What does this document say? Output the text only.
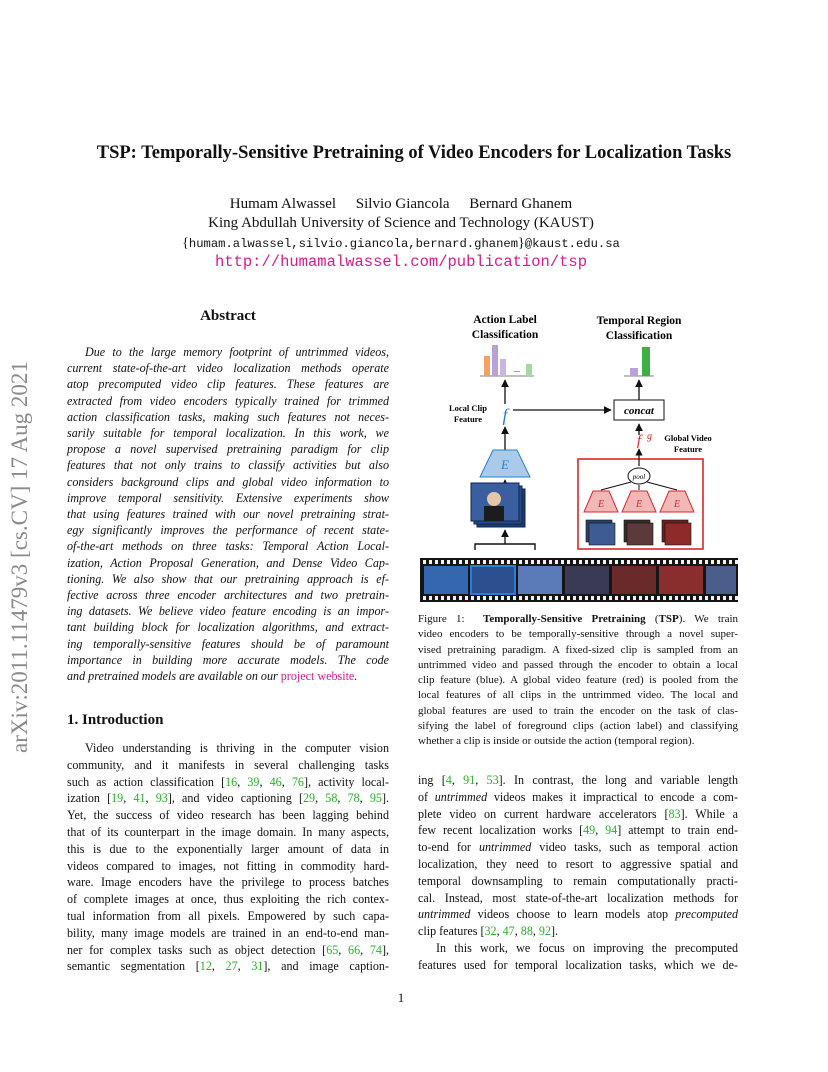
TSP: Temporally-Sensitive Pretraining of Video Encoders for Localization Tasks
Humam Alwassel Silvio Giancola Bernard Ghanem
King Abdullah University of Science and Technology (KAUST)
{humam.alwassel,silvio.giancola,bernard.ghanem}@kaust.edu.sa
http://humamalwassel.com/publication/tsp
arXiv:2011.11479v3 [cs.CV] 17 Aug 2021
Abstract
Due to the large memory footprint of untrimmed videos,
current state-of-the-art video localization methods operate
atop precomputed video clip features. These features are
extracted from video encoders typically trained for trimmed
action classification tasks, making such features not neces-
sarily suitable for temporal localization. In this work, we
propose a novel supervised pretraining paradigm for clip
features that not only trains to classify activities but also
considers background clips and global video information to
improve temporal sensitivity. Extensive experiments show
that using features trained with our novel pretraining strat-
egy significantly improves the performance of recent state-
of-the-art methods on three tasks: Temporal Action Local-
ization, Action Proposal Generation, and Dense Video Cap-
tioning. We also show that our pretraining approach is ef-
fective across three encoder architectures and two pretrain-
ing datasets. We believe video feature encoding is an impor-
tant building block for localization algorithms, and extract-
ing temporally-sensitive features should be of paramount
importance in building more accurate models. The code
and pretrained models are available on our project website.
1. Introduction
Video understanding is thriving in the computer vision
community, and it manifests in several challenging tasks
such as action classification [16, 39, 46, 76], activity local-
ization [19, 41, 93], and video captioning [29, 58, 78, 95].
Yet, the success of video research has been lagging behind
that of its counterpart in the image domain. In many aspects,
this is due to the exponentially larger amount of data in
videos compared to images, not fitting in commodity hard-
ware. Image encoders have the privilege to process batches
of complete images at once, thus exploiting the rich contex-
tual information from all pixels. Empowered by such capa-
bility, many image models are trained in an end-to-end man-
ner for complex tasks such as object detection [65, 66, 74],
semantic segmentation [12, 27, 31], and image caption-
ing [4, 91, 53]. In contrast, the long and variable length
of untrimmed videos makes it impractical to encode a com-
plete video on current hardware accelerators [83]. While a
few recent localization works [49, 94] attempt to train end-
to-end for untrimmed video tasks, such as temporal action
localization, they need to resort to aggressive spatial and
temporal downsampling to remain computationally practi-
cal. Instead, most state-of-the-art localization methods for
untrimmed videos choose to learn models atop precomputed
clip features [32, 47, 88, 92].
In this work, we focus on improving the precomputed
features used for temporal localization tasks, which we de-
Action Label
Classification
Temporal Region
Classification
...
Local Clip
Feature f	concat
E
f g Global Video
Feature
pool
E	E	E
Figure 1: Temporally-Sensitive Pretraining (TSP). We train
video encoders to be temporally-sensitive through a novel super-
vised pretraining paradigm. A fixed-sized clip is sampled from an
untrimmed video and passed through the encoder to obtain a local
clip feature (blue). A global video feature (red) is pooled from the
local features of all clips in the untrimmed video. The local and
global features are used to train the encoder on the task of clas-
sifying the label of foreground clips (action label) and classifying
whether a clip is inside or outside the action (temporal region).
1
